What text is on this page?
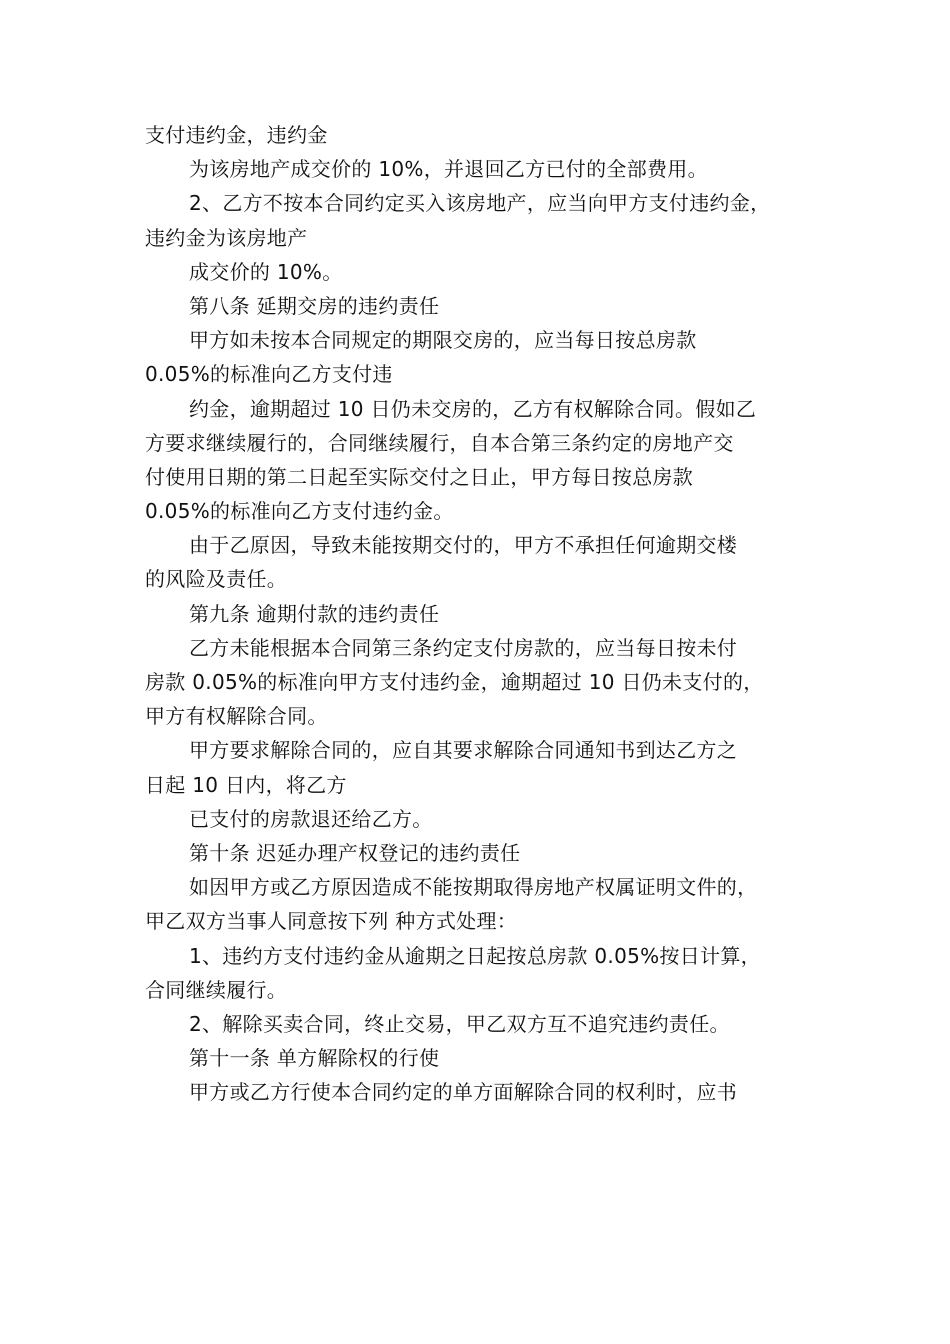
支付违约金，违约金
为该房地产成交价的 10%，并退回乙方已付的全部费用。
2、乙方不按本合同约定买入该房地产，应当向甲方支付违约金，
违约金为该房地产
成交价的 10%。
第八条 延期交房的违约责任
甲方如未按本合同规定的期限交房的，应当每日按总房款
0.05%的标准向乙方支付违
约金，逾期超过 10 日仍未交房的，乙方有权解除合同。假如乙
方要求继续履行的，合同继续履行，自本合第三条约定的房地产交
付使用日期的第二日起至实际交付之日止，甲方每日按总房款
0.05%的标准向乙方支付违约金。
由于乙原因，导致未能按期交付的，甲方不承担任何逾期交楼
的风险及责任。
第九条 逾期付款的违约责任
乙方未能根据本合同第三条约定支付房款的，应当每日按未付
房款 0.05%的标准向甲方支付违约金，逾期超过 10 日仍未支付的，
甲方有权解除合同。
甲方要求解除合同的，应自其要求解除合同通知书到达乙方之
日起 10 日内，将乙方
已支付的房款退还给乙方。
第十条 迟延办理产权登记的违约责任
如因甲方或乙方原因造成不能按期取得房地产权属证明文件的，
甲乙双方当事人同意按下列 种方式处理：
1、违约方支付违约金从逾期之日起按总房款 0.05%按日计算，
合同继续履行。
2、解除买卖合同，终止交易，甲乙双方互不追究违约责任。
第十一条 单方解除权的行使
甲方或乙方行使本合同约定的单方面解除合同的权利时，应书
